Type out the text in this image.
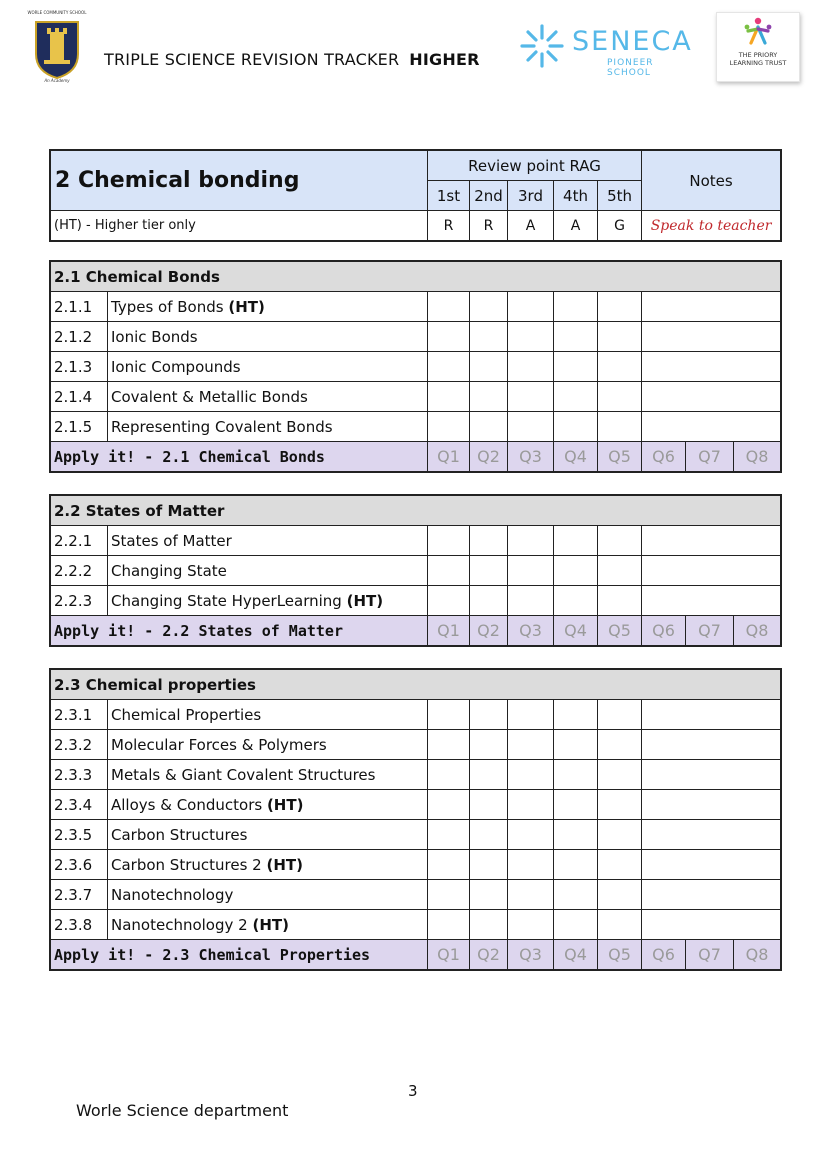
WORLE COMMUNITY SCHOOL
An Academy
TRIPLE SCIENCE REVISION TRACKER HIGHER
SENECA
PIONEER SCHOOL
THE PRIORY
LEARNING TRUST
2 Chemical bonding	Review point RAG					Notes
	1st	2nd	3rd	4th	5th	
(HT) - Higher tier only	R	R	A	A	G	Speak to teacher
2.1 Chemical Bonds									
2.1.1	Types of Bonds (HT)								
2.1.2	Ionic Bonds								
2.1.3	Ionic Compounds								
2.1.4	Covalent & Metallic Bonds								
2.1.5	Representing Covalent Bonds								
Apply it! - 2.1 Chemical Bonds		Q1	Q2	Q3	Q4	Q5	Q6	Q7	Q8
2.2 States of Matter									
2.2.1	States of Matter								
2.2.2	Changing State								
2.2.3	Changing State HyperLearning (HT)								
Apply it! - 2.2 States of Matter		Q1	Q2	Q3	Q4	Q5	Q6	Q7	Q8
2.3 Chemical properties									
2.3.1	Chemical Properties								
2.3.2	Molecular Forces & Polymers								
2.3.3	Metals & Giant Covalent Structures								
2.3.4	Alloys & Conductors (HT)								
2.3.5	Carbon Structures								
2.3.6	Carbon Structures 2 (HT)								
2.3.7	Nanotechnology								
2.3.8	Nanotechnology 2 (HT)								
Apply it! - 2.3 Chemical Properties		Q1	Q2	Q3	Q4	Q5	Q6	Q7	Q8
3
Worle Science department
